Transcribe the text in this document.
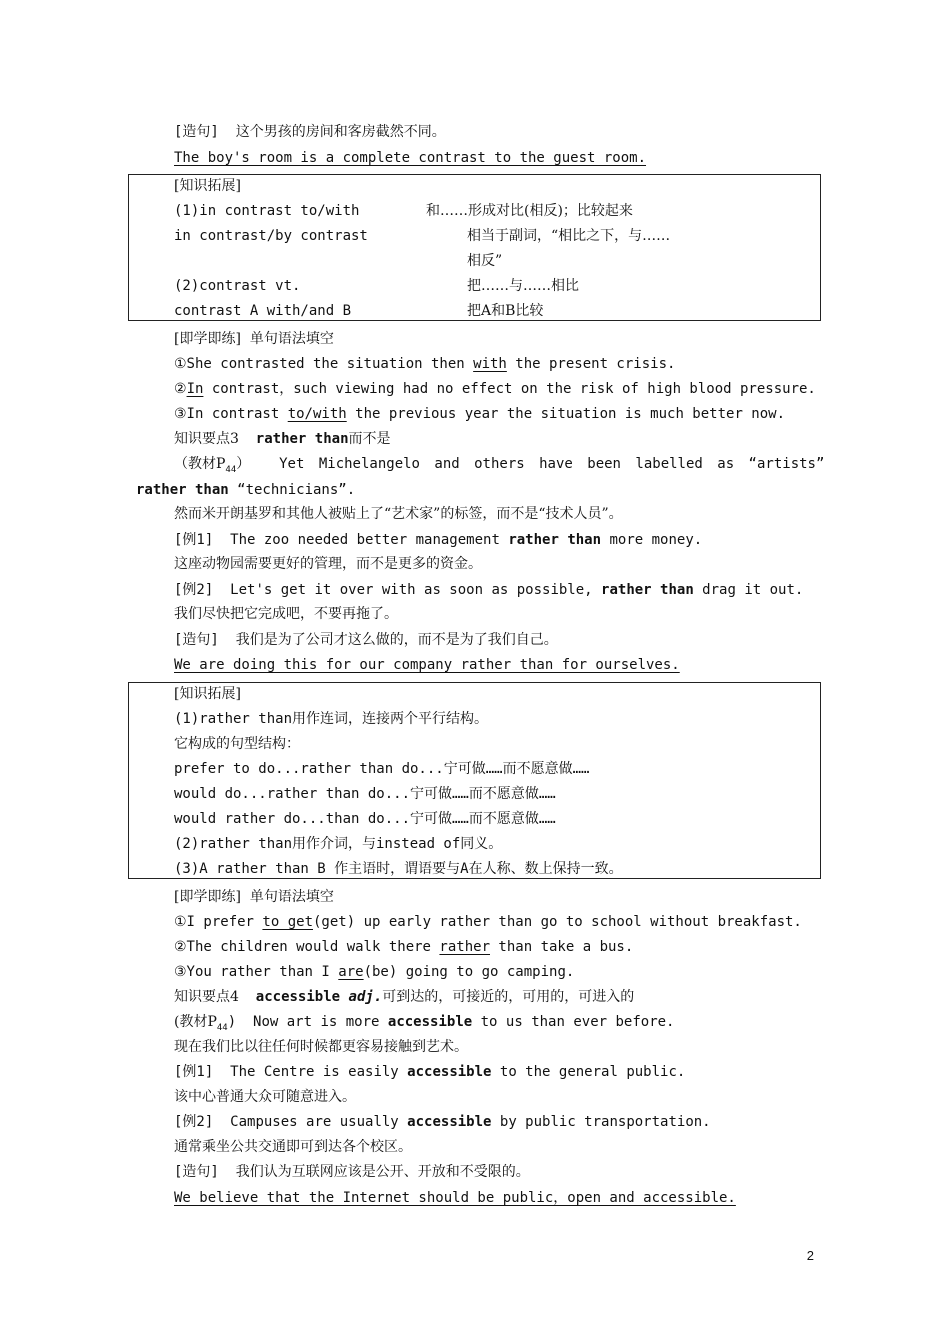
[造句] 这个男孩的房间和客房截然不同。
The boy's room is a complete contrast to the guest room.
[知识拓展]
(1)in contrast to/with	和……形成对比(相反)；比较起来
in contrast/by contrast	相当于副词，“相比之下，与……
相反”
(2)contrast vt.	把……与……相比
contrast A with/and B	把A和B比较
[即学即练] 单句语法填空
①She contrasted the situation then with the present crisis.
②In contrast，such viewing had no effect on the risk of high blood pressure.
③In contrast to/with the previous year the situation is much better now.
知识要点3 rather than而不是
（教材$P_{44}$）  Yet Michelangelo and others have been labelled as “artists”
rather than “technicians”.
然而米开朗基罗和其他人被贴上了“艺术家”的标签，而不是“技术人员”。
[例1] The zoo needed better management rather than more money.
这座动物园需要更好的管理，而不是更多的资金。
[例2] Let's get it over with as soon as possible, rather than drag it out.
我们尽快把它完成吧，不要再拖了。
[造句] 我们是为了公司才这么做的，而不是为了我们自己。
We are doing this for our company rather than for ourselves.
[知识拓展]
(1)rather than用作连词，连接两个平行结构。
它构成的句型结构：
prefer to do...rather than do...宁可做……而不愿意做……
would do...rather than do...宁可做……而不愿意做……
would rather do...than do...宁可做……而不愿意做……
(2)rather than用作介词，与instead of同义。
(3)A rather than B 作主语时，谓语要与A在人称、数上保持一致。
[即学即练] 单句语法填空
①I prefer to get(get) up early rather than go to school without breakfast.
②The children would walk there rather than take a bus.
③You rather than I are(be) going to go camping.
知识要点4 accessible adj.可到达的，可接近的，可用的，可进入的
(教材$P_{44}$)  Now art is more accessible to us than ever before.
现在我们比以往任何时候都更容易接触到艺术。
[例1] The Centre is easily accessible to the general public.
该中心普通大众可随意进入。
[例2] Campuses are usually accessible by public transportation.
通常乘坐公共交通即可到达各个校区。
[造句] 我们认为互联网应该是公开、开放和不受限的。
We believe that the Internet should be public，open and accessible.
2
